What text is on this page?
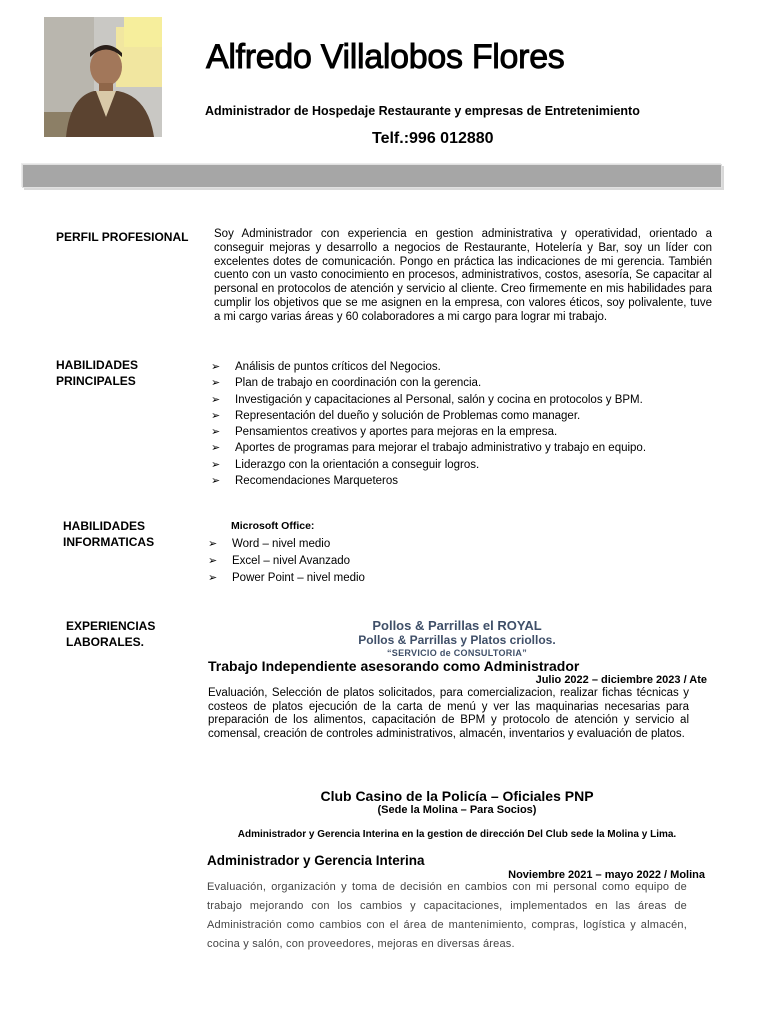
Alfredo Villalobos Flores
Administrador de Hospedaje Restaurante y empresas de Entretenimiento
Telf.:996 012880
PERFIL PROFESIONAL Soy Administrador con experiencia en gestion administrativa y operatividad, orientado a conseguir mejoras y desarrollo a negocios de Restaurante, Hotelería y Bar, soy un líder con excelentes dotes de comunicación. Pongo en práctica las indicaciones de mi gerencia. También cuento con un vasto conocimiento en procesos, administrativos, costos, asesoría, Se capacitar al personal en protocolos de atención y servicio al cliente. Creo firmemente en mis habilidades para cumplir los objetivos que se me asignen en la empresa, con valores éticos, soy polivalente, tuve a mi cargo varias áreas y 60 colaboradores a mi cargo para lograr mi trabajo.
HABILIDADES
PRINCIPALES
➢ Análisis de puntos críticos del Negocios.
➢ Plan de trabajo en coordinación con la gerencia.
➢ Investigación y capacitaciones al Personal, salón y cocina en protocolos y BPM.
➢ Representación del dueño y solución de Problemas como manager.
➢ Pensamientos creativos y aportes para mejoras en la empresa.
➢ Aportes de programas para mejorar el trabajo administrativo y trabajo en equipo.
➢ Liderazgo con la orientación a conseguir logros.
➢ Recomendaciones Marqueteros
HABILIDADES
INFORMATICAS
Microsoft Office:
➢ Word – nivel medio
➢ Excel – nivel Avanzado
➢ Power Point – nivel medio
EXPERIENCIAS
LABORALES.
Pollos & Parrillas el ROYAL
Pollos & Parrillas y Platos criollos.
“SERVICIO de CONSULTORIA”
Trabajo Independiente asesorando como Administrador
Julio 2022 – diciembre 2023 / Ate
Evaluación, Selección de platos solicitados, para comercializacion, realizar fichas técnicas y costeos de platos ejecución de la carta de menú y ver las maquinarias necesarias para preparación de los alimentos, capacitación de BPM y protocolo de atención y servicio al comensal, creación de controles administrativos, almacén, inventarios y evaluación de platos.
Club Casino de la Policía – Oficiales PNP
(Sede la Molina – Para Socios)
Administrador y Gerencia Interina en la gestion de dirección Del Club sede la Molina y Lima.
Administrador y Gerencia Interina
Noviembre 2021 – mayo 2022 / Molina
Evaluación, organización y toma de decisión en cambios con mi personal como equipo de trabajo mejorando con los cambios y capacitaciones, implementados en las áreas de Administración como cambios con el área de mantenimiento, compras, logística y almacén, cocina y salón, con proveedores, mejoras en diversas áreas.
